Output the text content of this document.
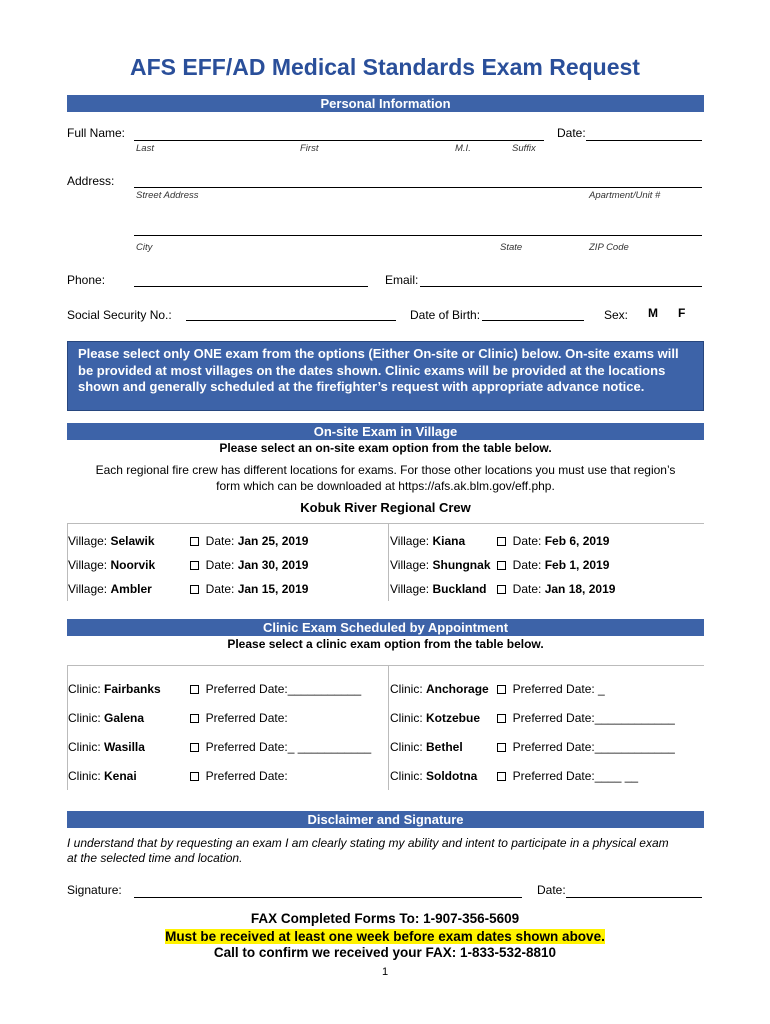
AFS EFF/AD Medical Standards Exam Request
Personal Information
Full Name:	Date:
Last	First	M.I.	Suffix
Address:
Street Address	Apartment/Unit #
City	State	ZIP Code
Phone:	Email:
Social Security No.:	Date of Birth:	Sex: M F
Please select only ONE exam from the options (Either On-site or Clinic) below. On-site exams will be provided at most villages on the dates shown. Clinic exams will be provided at the locations shown and generally scheduled at the firefighter’s request with appropriate advance notice.
On-site Exam in Village
Please select an on-site exam option from the table below.
Each regional fire crew has different locations for exams. For those other locations you must use that region’s
form which can be downloaded at https://afs.ak.blm.gov/eff.php.
Kobuk River Regional Crew
Village: Selawik	Date: Jan 25, 2019	Village: Kiana	Date: Feb 6, 2019
Village: Noorvik	Date: Jan 30, 2019	Village: Shungnak	Date: Feb 1, 2019
Village: Ambler	Date: Jan 15, 2019	Village: Buckland	Date: Jan 18, 2019
Clinic Exam Scheduled by Appointment
Please select a clinic exam option from the table below.
Clinic: Fairbanks	Preferred Date:___________ Clinic: Anchorage	Preferred Date: _
Clinic: Galena	Preferred Date:	Clinic: Kotzebue	Preferred Date:____________
Clinic: Wasilla	Preferred Date:_ ___________ Clinic: Bethel	Preferred Date:____________
Clinic: Kenai	Preferred Date:	Clinic: Soldotna	Preferred Date:____ __
Disclaimer and Signature
I understand that by requesting an exam I am clearly stating my ability and intent to participate in a physical exam
at the selected time and location.
Signature:	Date:
FAX Completed Forms To: 1-907-356-5609
Must be received at least one week before exam dates shown above.
Call to confirm we received your FAX: 1-833-532-8810
1
